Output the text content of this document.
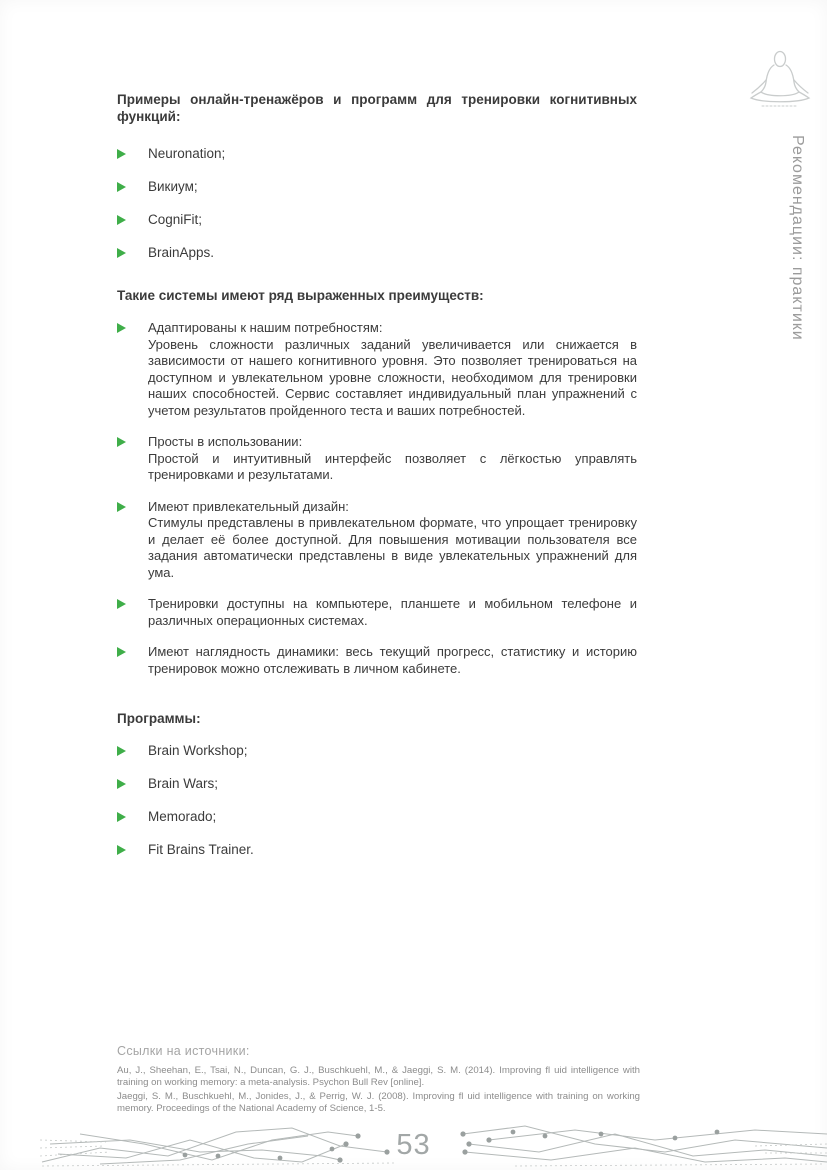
Рекомендации: практики

Примеры онлайн-тренажёров и программ для тренировки когнитивных функций:

Neuronation;
Викиум;
CogniFit;
BrainApps.

Такие системы имеют ряд выраженных преимуществ:

Адаптированы к нашим потребностям:
Уровень сложности различных заданий увеличивается или снижается в зависимости от нашего когнитивного уровня. Это позволяет тренироваться на доступном и увлекательном уровне сложности, необходимом для тренировки наших способностей. Сервис составляет индивидуальный план упражнений с учетом результатов пройденного теста и ваших потребностей.
Просты в использовании:
Простой и интуитивный интерфейс позволяет с лёгкостью управлять тренировками и результатами.
Имеют привлекательный дизайн:
Стимулы представлены в привлекательном формате, что упрощает тренировку и делает её более доступной. Для повышения мотивации пользователя все задания автоматически представлены в виде увлекательных упражнений для ума.
Тренировки доступны на компьютере, планшете и мобильном телефоне и различных операционных системах.
Имеют наглядность динамики: весь текущий прогресс, статистику и историю тренировок можно отслеживать в личном кабинете.

Программы:

Brain Workshop;
Brain Wars;
Memorado;
Fit Brains Trainer.

Ссылки на источники:

Au, J., Sheehan, E., Tsai, N., Duncan, G. J., Buschkuehl, M., & Jaeggi, S. M. (2014). Improving fl uid intelligence with training on working memory: a meta-analysis. Psychon Bull Rev [online].

Jaeggi, S. M., Buschkuehl, M., Jonides, J., & Perrig, W. J. (2008). Improving fl uid intelligence with training on working memory. Proceedings of the National Academy of Science, 1-5.

53
